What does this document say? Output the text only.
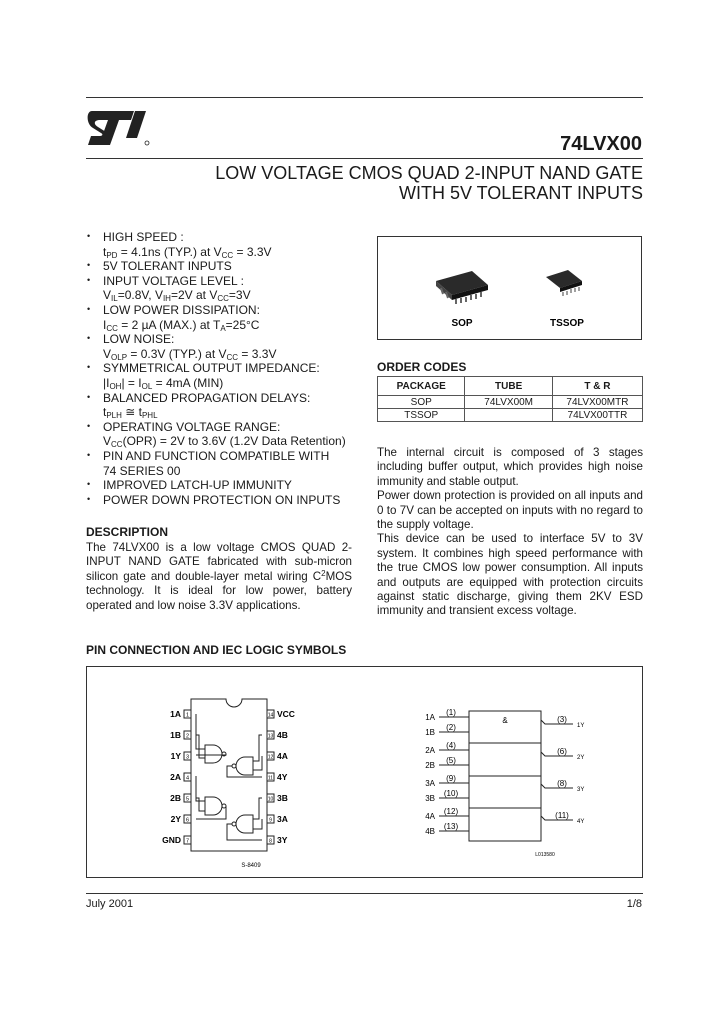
74LVX00
LOW VOLTAGE CMOS QUAD 2-INPUT NAND GATE
WITH 5V TOLERANT INPUTS
• HIGH SPEED :
$t_{PD} = 4.1ns$ (TYP.) at $V_{CC} = 3.3V$
• 5V TOLERANT INPUTS
• INPUT VOLTAGE LEVEL :
$V_{IL}=0.8V$, $V_{IH}=2V$ at $V_{CC}=3V$
• LOW POWER DISSIPATION:
$I_{CC} = 2$ µA (MAX.) at $T_A=25^\circ C$
• LOW NOISE:
$V_{OLP} = 0.3V$ (TYP.) at $V_{CC} = 3.3V$
• SYMMETRICAL OUTPUT IMPEDANCE:
$|I_{OH}| = I_{OL} = 4mA$ (MIN)
• BALANCED PROPAGATION DELAYS:
$t_{PLH}$ ≅ $t_{PHL}$
• OPERATING VOLTAGE RANGE:
$V_{CC}(OPR) = 2V$ to 3.6V (1.2V Data Retention)
• PIN AND FUNCTION COMPATIBLE WITH
74 SERIES 00
• IMPROVED LATCH-UP IMMUNITY
• POWER DOWN PROTECTION ON INPUTS
SOP	TSSOP
ORDER CODES
PACKAGE	TUBE	T & R
SOP	74LVX00M	74LVX00MTR
TSSOP		74LVX00TTR
DESCRIPTION
The 74LVX00 is a low voltage CMOS QUAD 2-INPUT NAND GATE fabricated with sub-micron silicon gate and double-layer metal wiring $C^2MOS$ technology. It is ideal for low power, battery operated and low noise 3.3V applications.
The internal circuit is composed of 3 stages including buffer output, which provides high noise immunity and stable output.
Power down protection is provided on all inputs and 0 to 7V can be accepted on inputs with no regard to the supply voltage.
This device can be used to interface 5V to 3V system. It combines high speed performance with the true CMOS low power consumption. All inputs and outputs are equipped with protection circuits against static discharge, giving them 2KV ESD immunity and transient excess voltage.
PIN CONNECTION AND IEC LOGIC SYMBOLS
1
1A
2
1B
3
1Y
4
2A
5
2B
6
2Y
7
GND
14 VCC
13 4B
12 4A
11 4Y
10 3B
9 3A
8 3Y
S-8409
&
1A
(1)
1B
(2)
2A
(4)
2B
(5)
3A
(9)
3B
(10)
4A
(12)
4B
(13)
(3)
1Y
(6)
2Y
(8)
3Y
(11)
4Y
L013580
July 2001	1/8
